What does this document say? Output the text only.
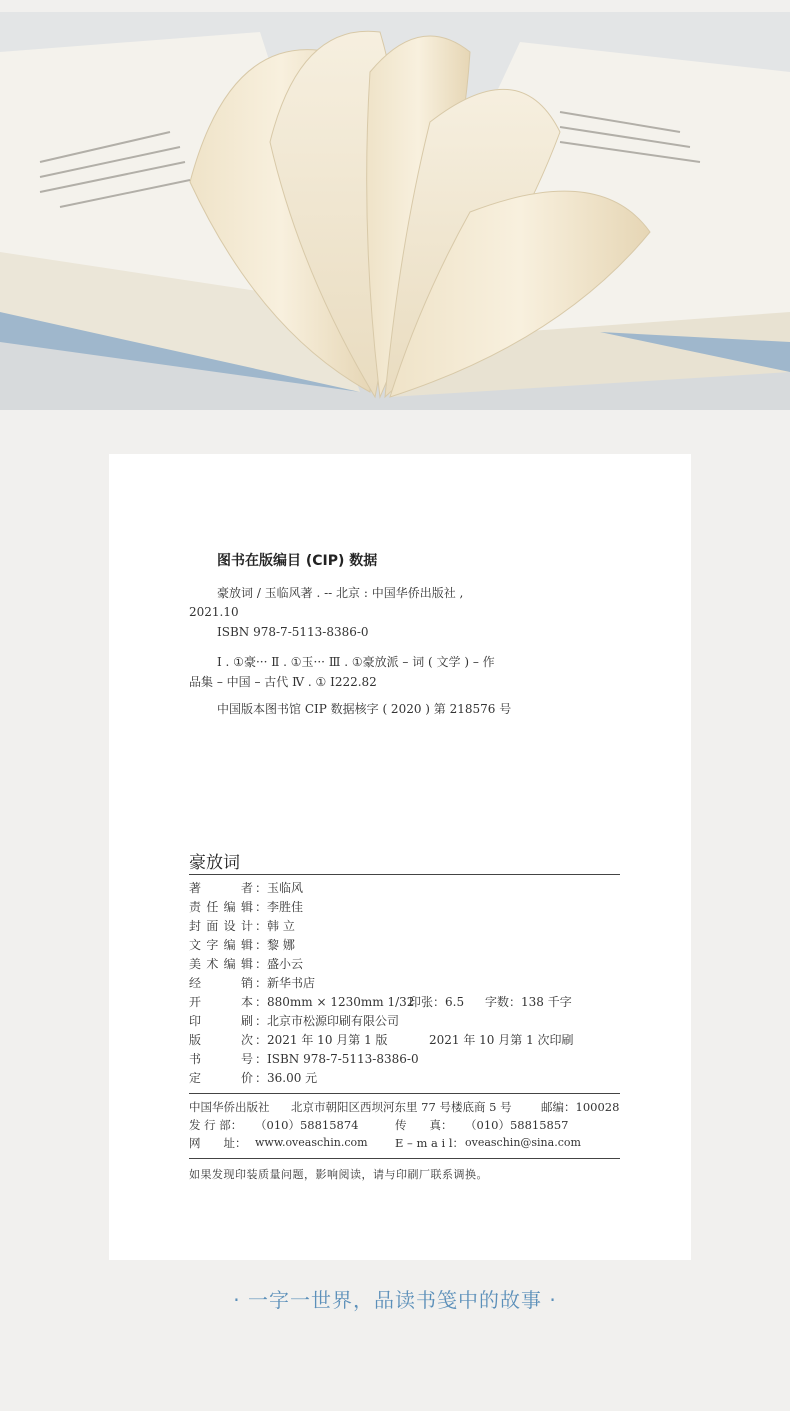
图书在版编目 (CIP) 数据
豪放词 / 玉临风著 . -- 北京 : 中国华侨出版社 ,
2021.10
ISBN 978-7-5113-8386-0
Ⅰ . ①豪··· Ⅱ . ①玉··· Ⅲ . ①豪放派 – 词 ( 文学 ) – 作
品集 – 中国 – 古代 Ⅳ . ① I222.82
中国版本图书馆 CIP 数据核字 ( 2020 ) 第 218576 号
豪放词
著者 ：玉临风
责任编辑 ：李胜佳
封面设计 ：韩 立
文字编辑 ：黎 娜
美术编辑 ：盛小云
经销 ：新华书店
开本 ：880mm × 1230mm 1/32
印张：6.5 字数：138 千字
印刷 ：北京市松源印刷有限公司
版次 ：2021 年 10 月第 1 版	2021 年 10 月第 1 次印刷
书号 ：ISBN 978-7-5113-8386-0
定价 ：36.00 元
中国华侨出版社 北京市朝阳区西坝河东里 77 号楼底商 5 号	邮编：100028
发 行 部： （010）58815874	传　　真： （010）58815857
网　　址： www.oveaschin.com E – m a i l： oveaschin@sina.com
如果发现印装质量问题，影响阅读，请与印刷厂联系调换。
· 一字一世界，品读书笺中的故事 ·
